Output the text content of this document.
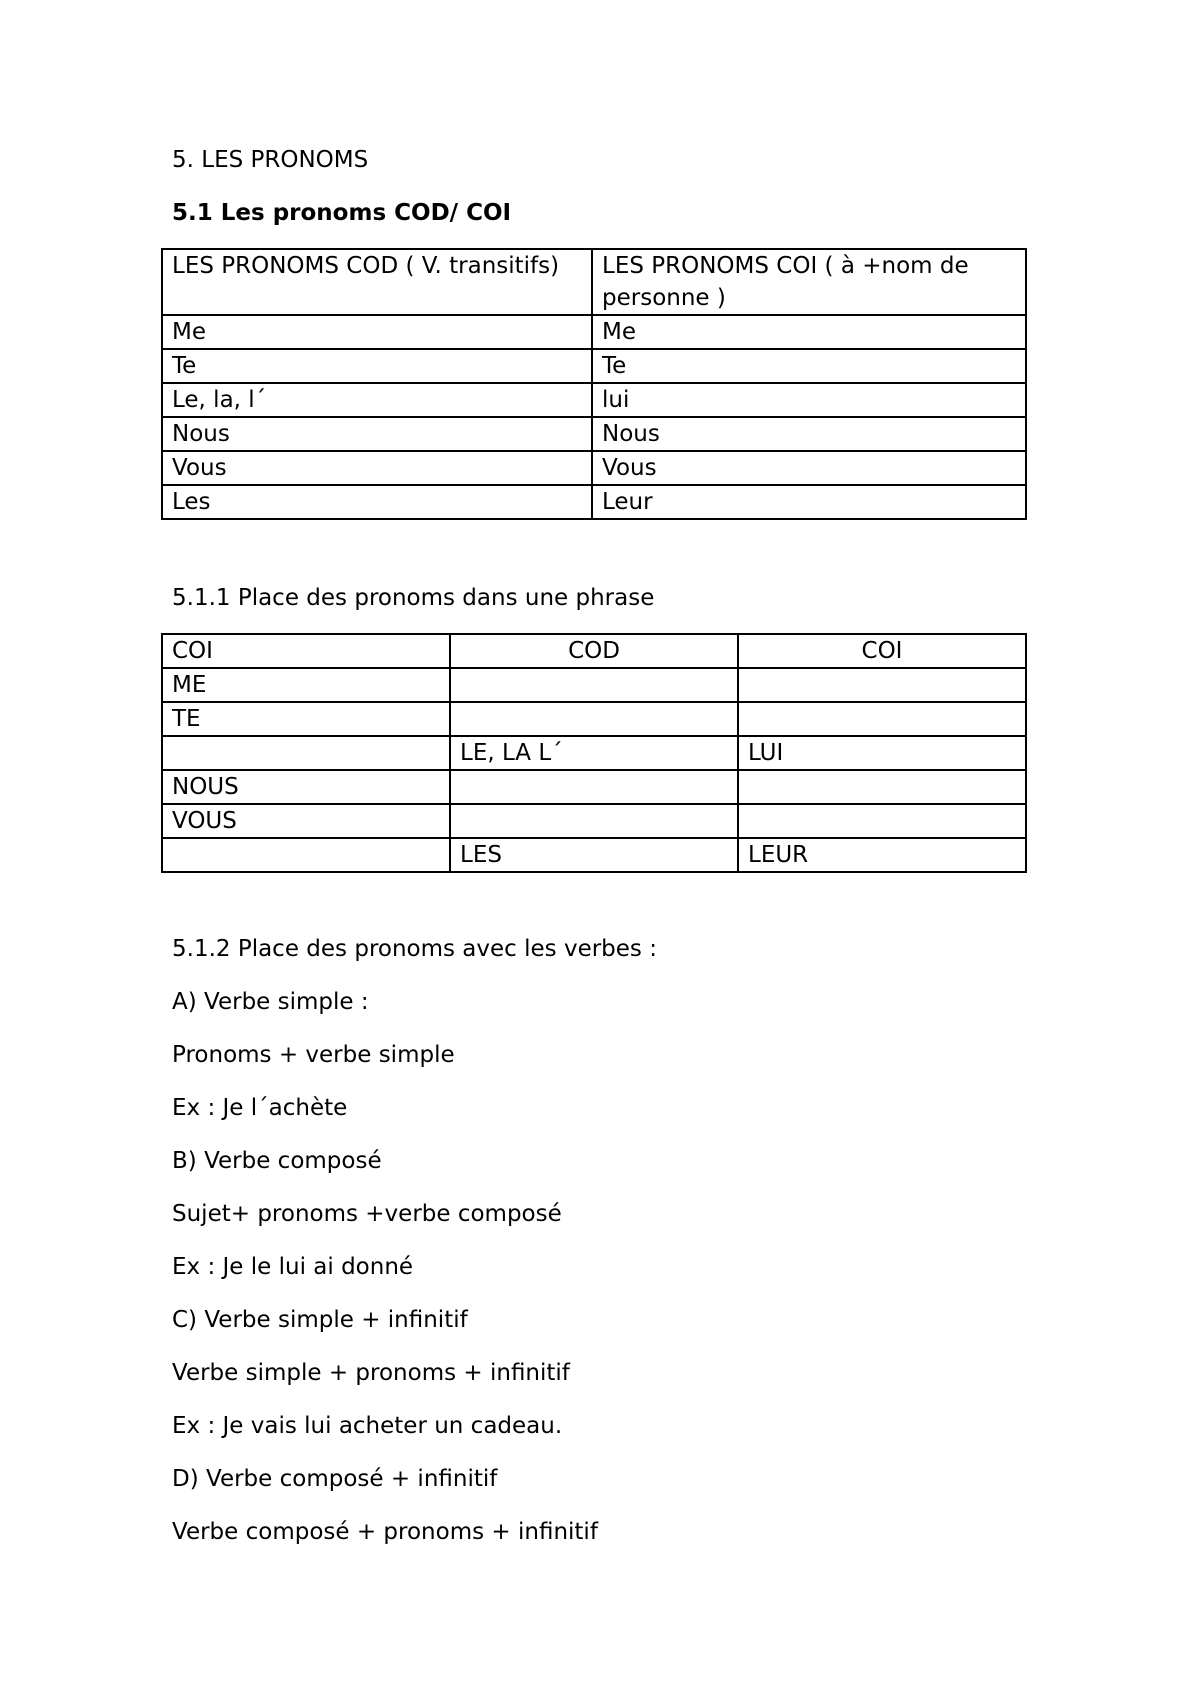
5. LES PRONOMS
5.1 Les pronoms COD/ COI
LES PRONOMS COD ( V. transitifs)	LES PRONOMS COI ( à +nom de personne )
Me	Me
Te	Te
Le, la, l´	lui
Nous	Nous
Vous	Vous
Les	Leur
5.1.1 Place des pronoms dans une phrase
COI	COD	COI
ME		
TE		
	LE, LA L´	LUI
NOUS		
VOUS		
	LES	LEUR
5.1.2 Place des pronoms avec les verbes :
A) Verbe simple :
Pronoms + verbe simple
Ex : Je l´achète
B) Verbe composé
Sujet+ pronoms +verbe composé
Ex : Je le lui ai donné
C) Verbe simple + infinitif
Verbe simple + pronoms + infinitif
Ex : Je vais lui acheter un cadeau.
D) Verbe composé + infinitif
Verbe composé + pronoms + infinitif
